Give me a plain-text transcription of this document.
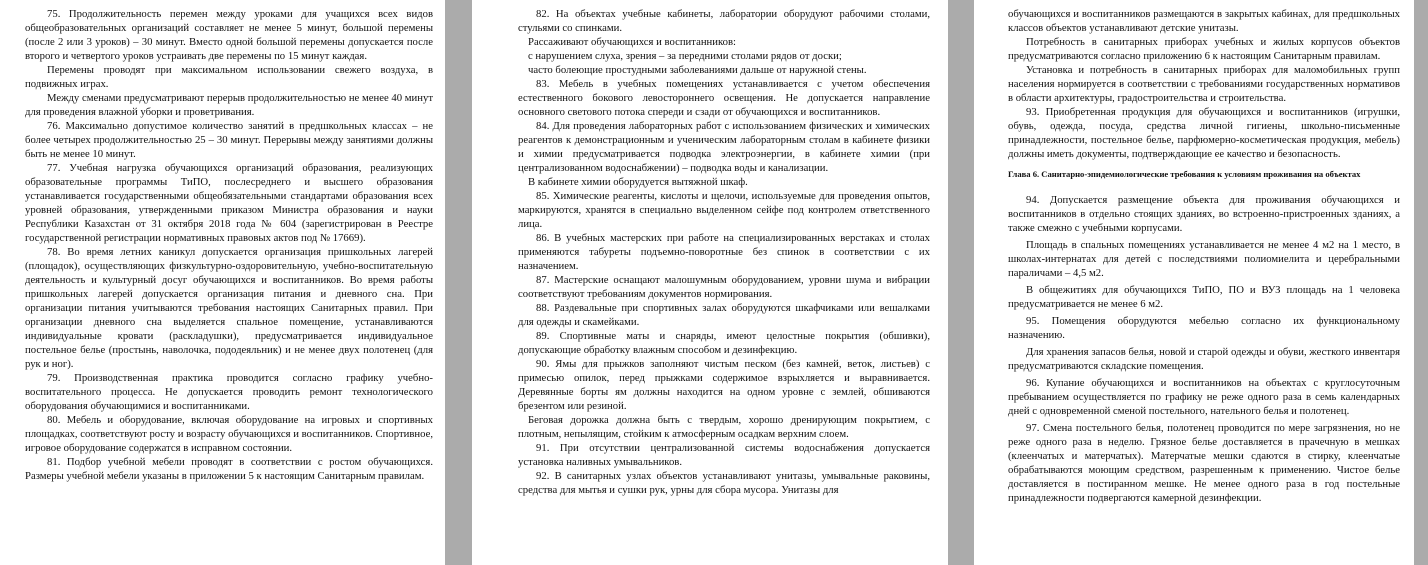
75. Продолжительность перемен между уроками для учащихся всех видов общеобразовательных организаций составляет не менее 5 минут, большой перемены (после 2 или 3 уроков) – 30 минут. Вместо одной большой перемены допускается после второго и четвертого уроков устраивать две перемены по 15 минут каждая.

Перемены проводят при максимальном использовании свежего воздуха, в подвижных играх.

Между сменами предусматривают перерыв продолжительностью не менее 40 минут для проведения влажной уборки и проветривания.

76. Максимально допустимое количество занятий в предшкольных классах – не более четырех продолжительностью 25 – 30 минут. Перерывы между занятиями должны быть не менее 10 минут.

77. Учебная нагрузка обучающихся организаций образования, реализующих образовательные программы ТиПО, послесреднего и высшего образования устанавливается государственными общеобязательными стандартами образования всех уровней образования, утвержденными приказом Министра образования и науки Республики Казахстан от 31 октября 2018 года № 604 (зарегистрирован в Реестре государственной регистрации нормативных правовых актов под № 17669).

78. Во время летних каникул допускается организация пришкольных лагерей (площадок), осуществляющих физкультурно-оздоровительную, учебно-воспитательную деятельность и культурный досуг обучающихся и воспитанников. Во время работы пришкольных лагерей допускается организация питания и дневного сна. При организации питания учитываются требования настоящих Санитарных правил. При организации дневного сна выделяется спальное помещение, устанавливаются индивидуальные кровати (раскладушки), предусматривается индивидуальное постельное белье (простынь, наволочка, пододеяльник) и не менее двух полотенец (для рук и ног).

79. Производственная практика проводится согласно графику учебно-воспитательного процесса. Не допускается проводить ремонт технологического оборудования обучающимися и воспитанниками.

80. Мебель и оборудование, включая оборудование на игровых и спортивных площадках, соответствуют росту и возрасту обучающихся и воспитанников. Спортивное, игровое оборудование содержатся в исправном состоянии.

81. Подбор учебной мебели проводят в соответствии с ростом обучающихся. Размеры учебной мебели указаны в приложении 5 к настоящим Санитарным правилам.

82. На объектах учебные кабинеты, лаборатории оборудуют рабочими столами, стульями со спинками.

Рассаживают обучающихся и воспитанников:

с нарушением слуха, зрения – за передними столами рядов от доски;

часто болеющие простудными заболеваниями дальше от наружной стены.

83. Мебель в учебных помещениях устанавливается с учетом обеспечения естественного бокового левостороннего освещения. Не допускается направление основного светового потока спереди и сзади от обучающихся и воспитанников.

84. Для проведения лабораторных работ с использованием физических и химических реагентов к демонстрационным и ученическим лабораторным столам в кабинете физики и химии предусматривается подводка электроэнергии, в кабинете химии (при централизованном водоснабжении) – подводка воды и канализации.

В кабинете химии оборудуется вытяжной шкаф.

85. Химические реагенты, кислоты и щелочи, используемые для проведения опытов, маркируются, хранятся в специально выделенном сейфе под контролем ответственного лица.

86. В учебных мастерских при работе на специализированных верстаках и столах применяются табуреты подъемно-поворотные без спинок в соответствии с их назначением.

87. Мастерские оснащают малошумным оборудованием, уровни шума и вибрации соответствуют требованиям документов нормирования.

88. Раздевальные при спортивных залах оборудуются шкафчиками или вешалками для одежды и скамейками.

89. Спортивные маты и снаряды, имеют целостные покрытия (обшивки), допускающие обработку влажным способом и дезинфекцию.

90. Ямы для прыжков заполняют чистым песком (без камней, веток, листьев) с примесью опилок, перед прыжками содержимое взрыхляется и выравнивается. Деревянные борты ям должны находится на одном уровне с землей, обшиваются брезентом или резиной.

Беговая дорожка должна быть с твердым, хорошо дренирующим покрытием, с плотным, непылящим, стойким к атмосферным осадкам верхним слоем.

91. При отсутствии централизованной системы водоснабжения допускается установка наливных умывальников.

92. В санитарных узлах объектов устанавливают унитазы, умывальные раковины, средства для мытья и сушки рук, урны для сбора мусора. Унитазы для

обучающихся и воспитанников размещаются в закрытых кабинах, для предшкольных классов объектов устанавливают детские унитазы.

Потребность в санитарных приборах учебных и жилых корпусов объектов предусматриваются согласно приложению 6 к настоящим Санитарным правилам.

Установка и потребность в санитарных приборах для маломобильных групп населения нормируется в соответствии с требованиями государственных нормативов в области архитектуры, градостроительства и строительства.

93. Приобретенная продукция для обучающихся и воспитанников (игрушки, обувь, одежда, посуда, средства личной гигиены, школьно-письменные принадлежности, постельное белье, парфюмерно-косметическая продукция, мебель) должны иметь документы, подтверждающие ее качество и безопасность.

Глава 6. Санитарно-эпидемиологические требования к условиям проживания на объектах

94. Допускается размещение объекта для проживания обучающихся и воспитанников в отдельно стоящих зданиях, во встроенно-пристроенных зданиях, а также смежно с учебными корпусами.

Площадь в спальных помещениях устанавливается не менее 4 м2 на 1 место, в школах-интернатах для детей с последствиями полиомиелита и церебральными параличами – 4,5 м2.

В общежитиях для обучающихся ТиПО, ПО и ВУЗ площадь на 1 человека предусматривается не менее 6 м2.

95. Помещения оборудуются мебелью согласно их функциональному назначению.

Для хранения запасов белья, новой и старой одежды и обуви, жесткого инвентаря предусматриваются складские помещения.

96. Купание обучающихся и воспитанников на объектах с круглосуточным пребыванием осуществляется по графику не реже одного раза в семь календарных дней с одновременной сменой постельного, нательного белья и полотенец.

97. Смена постельного белья, полотенец проводится по мере загрязнения, но не реже одного раза в неделю. Грязное белье доставляется в прачечную в мешках (клеенчатых и матерчатых). Матерчатые мешки сдаются в стирку, клеенчатые обрабатываются моющим средством, разрешенным к применению. Чистое белье доставляется в постиранном мешке. Не менее одного раза в год постельные принадлежности подвергаются камерной дезинфекции.
